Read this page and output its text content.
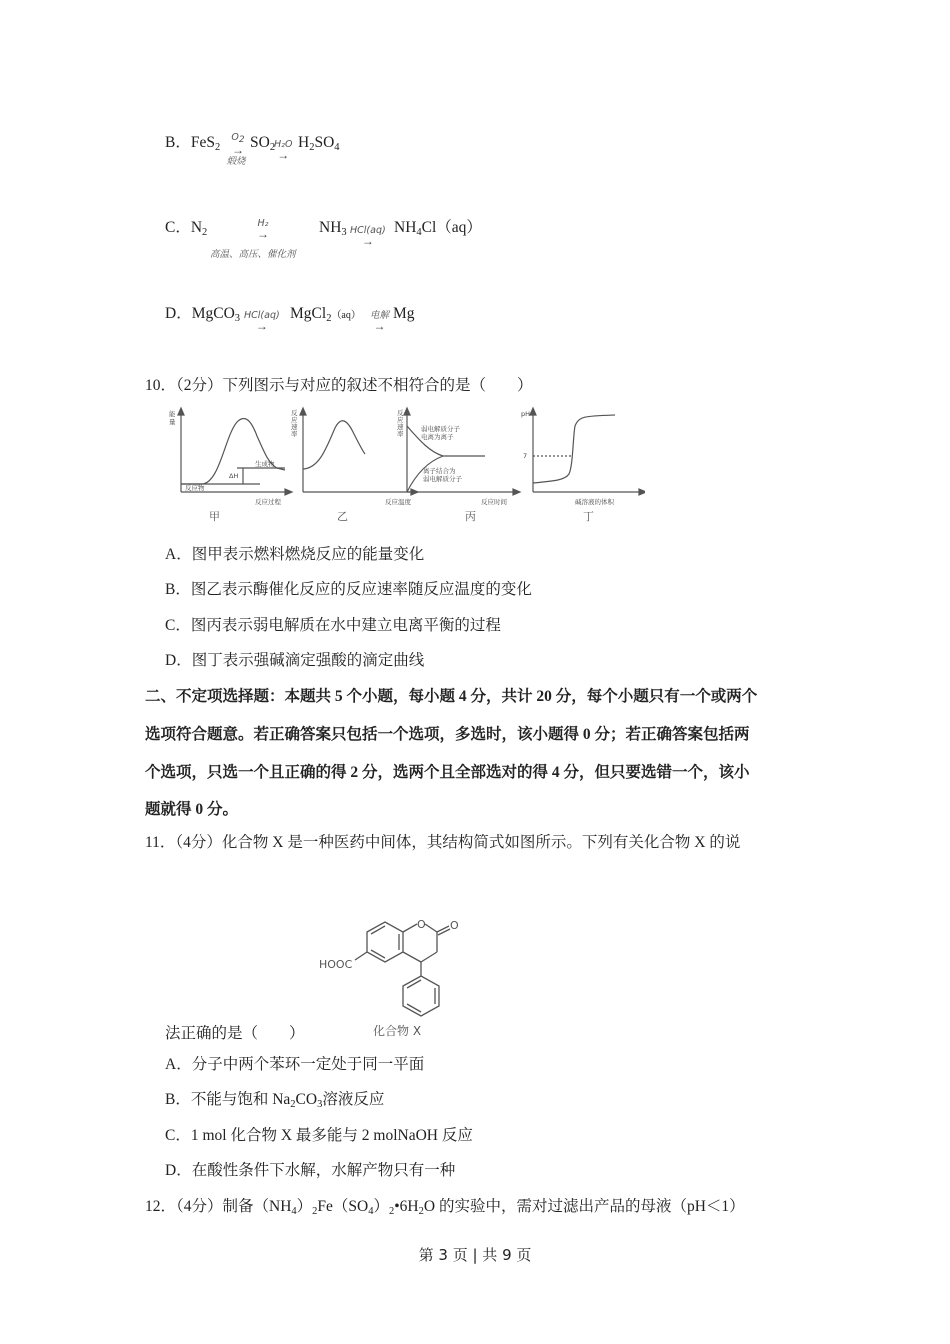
B．FeS$_2$
O2
→
煅烧
$SO_2$
H₂O
→
$H_2SO_4$
C．$N_2$
H₂
→
高温、高压、催化剂
$NH_3$ HCl(aq)
→
$NH_4Cl(aq)$
D．MgCO$_3$ HCl(aq)
→
MgCl$_2$（aq） 电解
→
Mg
10．（2分）下列图示与对应的叙述不相符合的是（　　）
能
量
反应物
生成物
ΔH
反应过程
反
应
速
率
反应温度
反
应
速
率
弱电解质分子
电离为离子
离子结合为
弱电解质分子
反应时间
pH
7
碱溶液的体积
甲	乙	丙	丁
A．图甲表示燃料燃烧反应的能量变化
B．图乙表示酶催化反应的反应速率随反应温度的变化
C．图丙表示弱电解质在水中建立电离平衡的过程
D．图丁表示强碱滴定强酸的滴定曲线
二、不定项选择题：本题共 5 个小题，每小题 4 分，共计 20 分，每个小题只有一个或两个
选项符合题意。若正确答案只包括一个选项，多选时，该小题得 0 分；若正确答案包括两
个选项，只选一个且正确的得 2 分，选两个且全部选对的得 4 分，但只要选错一个，该小
题就得 0 分。
11．（4分）化合物 X 是一种医药中间体，其结构简式如图所示。下列有关化合物 X 的说
O O
HOOC
化合物 X
法正确的是（　　）
A．分子中两个苯环一定处于同一平面
B．不能与饱和 $Na_2CO_3$溶液反应
C．1 mol 化合物 X 最多能与 2 molNaOH 反应
D．在酸性条件下水解，水解产物只有一种
12．（4分）制备$(NH_4)_2Fe(SO_4)_2•6H_2O$ 的实验中，需对过滤出产品的母液（pH＜1）
第 3 页 | 共 9 页
